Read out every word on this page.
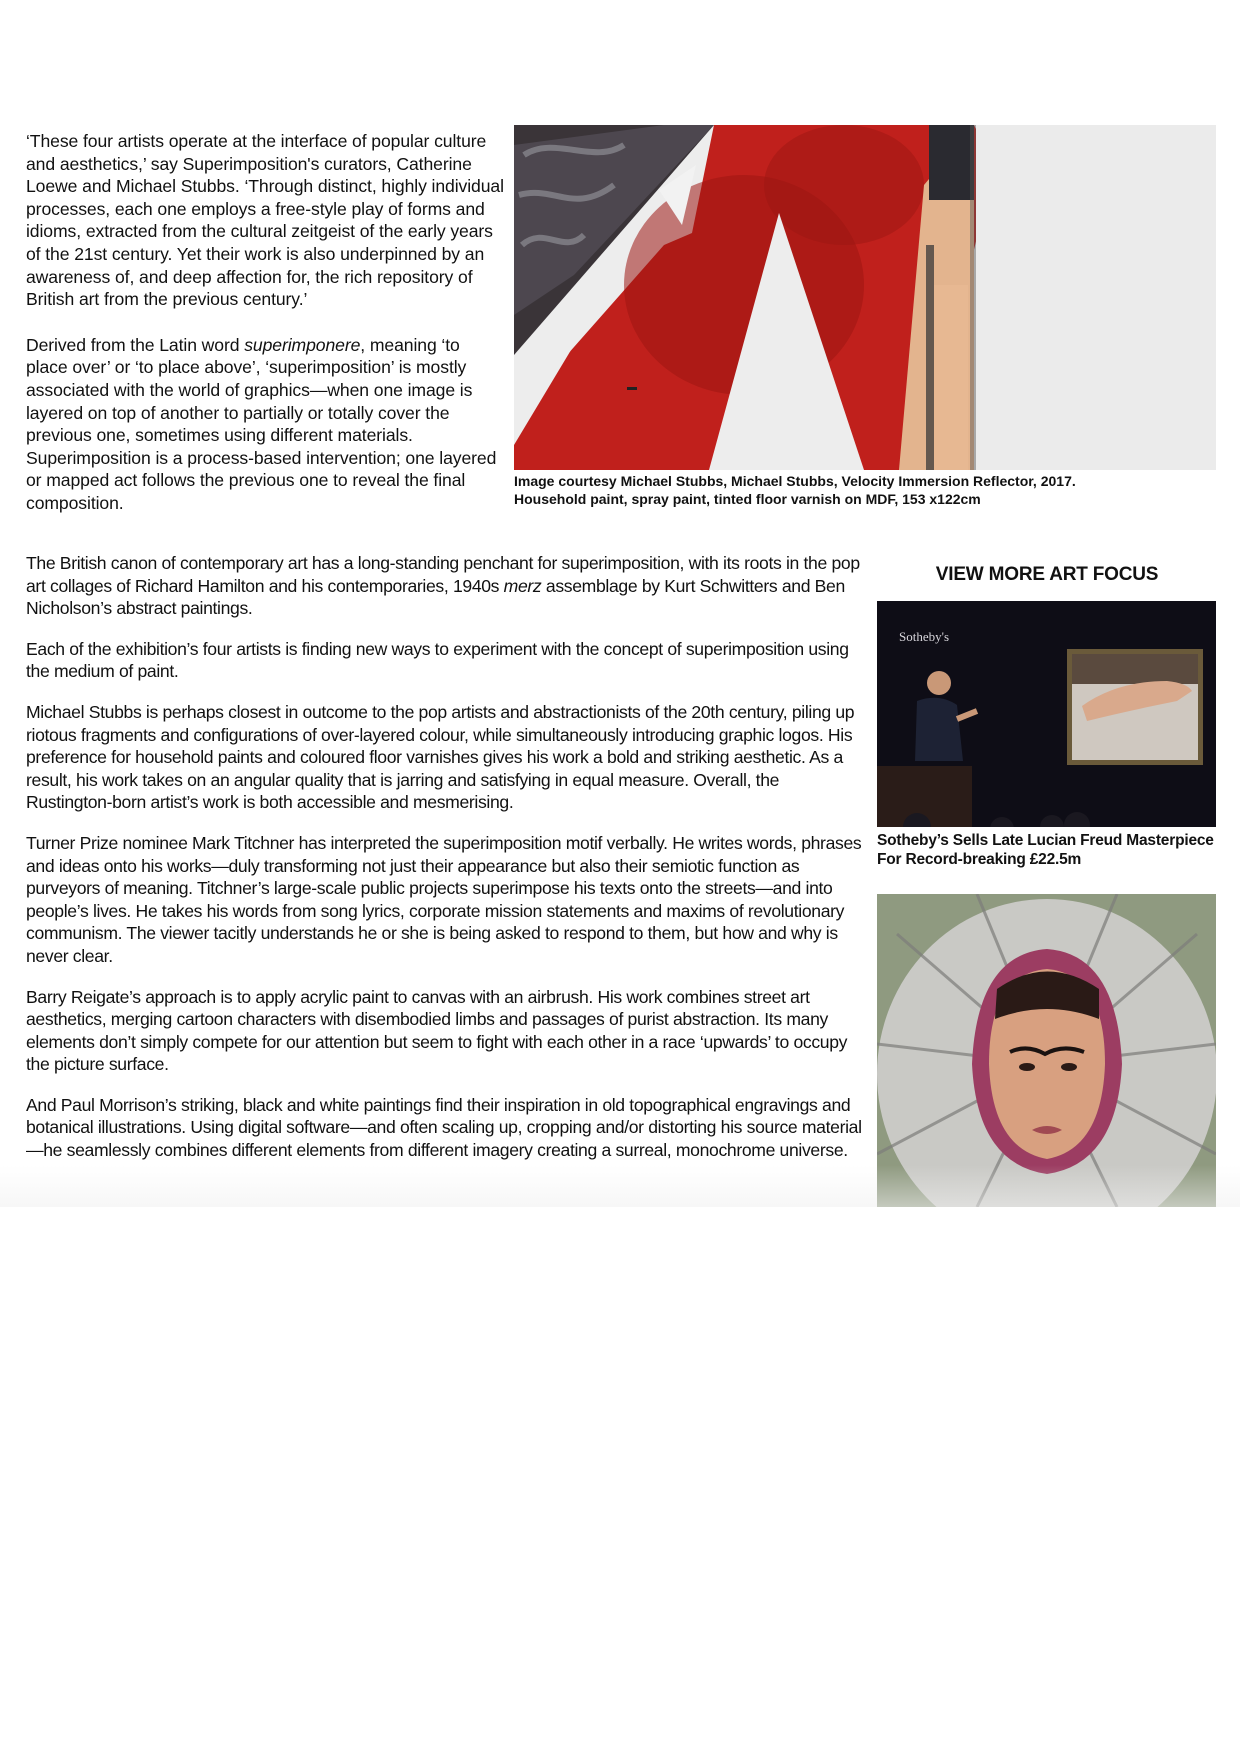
‘These four artists operate at the interface of popular culture and aesthetics,’ say Superimposition's curators, Catherine Loewe and Michael Stubbs. ‘Through distinct, highly individual processes, each one employs a free-style play of forms and idioms, extracted from the cultural zeitgeist of the early years of the 21st century. Yet their work is also underpinned by an awareness of, and deep affection for, the rich repository of British art from the previous century.’

Derived from the Latin word superimponere, meaning ‘to place over’ or ‘to place above’, ‘superimposition’ is mostly associated with the world of graphics—when one image is layered on top of another to partially or totally cover the previous one, sometimes using different materials. Superimposition is a process-based intervention; one layered or mapped act follows the previous one to reveal the final composition.

Image courtesy Michael Stubbs, Michael Stubbs, Velocity Immersion Reflector, 2017.
Household paint, spray paint, tinted floor varnish on MDF, 153 x122cm

The British canon of contemporary art has a long-standing penchant for superimposition, with its roots in the pop art collages of Richard Hamilton and his contemporaries, 1940s merz assemblage by Kurt Schwitters and Ben Nicholson’s abstract paintings.

Each of the exhibition’s four artists is finding new ways to experiment with the concept of superimposition using the medium of paint.

Michael Stubbs is perhaps closest in outcome to the pop artists and abstractionists of the 20th century, piling up riotous fragments and configurations of over-layered colour, while simultaneously introducing graphic logos. His preference for household paints and coloured floor varnishes gives his work a bold and striking aesthetic. As a result, his work takes on an angular quality that is jarring and satisfying in equal measure. Overall, the Rustington-born artist’s work is both accessible and mesmerising.

Turner Prize nominee Mark Titchner has interpreted the superimposition motif verbally. He writes words, phrases and ideas onto his works—duly transforming not just their appearance but also their semiotic function as purveyors of meaning. Titchner’s large-scale public projects superimpose his texts onto the streets—and into people’s lives. He takes his words from song lyrics, corporate mission statements and maxims of revolutionary communism. The viewer tacitly understands he or she is being asked to respond to them, but how and why is never clear.

Barry Reigate’s approach is to apply acrylic paint to canvas with an airbrush. His work combines street art aesthetics, merging cartoon characters with disembodied limbs and passages of purist abstraction. Its many elements don’t simply compete for our attention but seem to fight with each other in a race ‘upwards’ to occupy the picture surface.

And Paul Morrison’s striking, black and white paintings find their inspiration in old topographical engravings and botanical illustrations. Using digital software—and often scaling up, cropping and/or distorting his source material—he seamlessly combines different elements from different imagery creating a surreal, monochrome universe.

VIEW MORE ART FOCUS
Sotheby's
Sotheby’s Sells Late Lucian Freud Masterpiece For Record-breaking £22.5m
